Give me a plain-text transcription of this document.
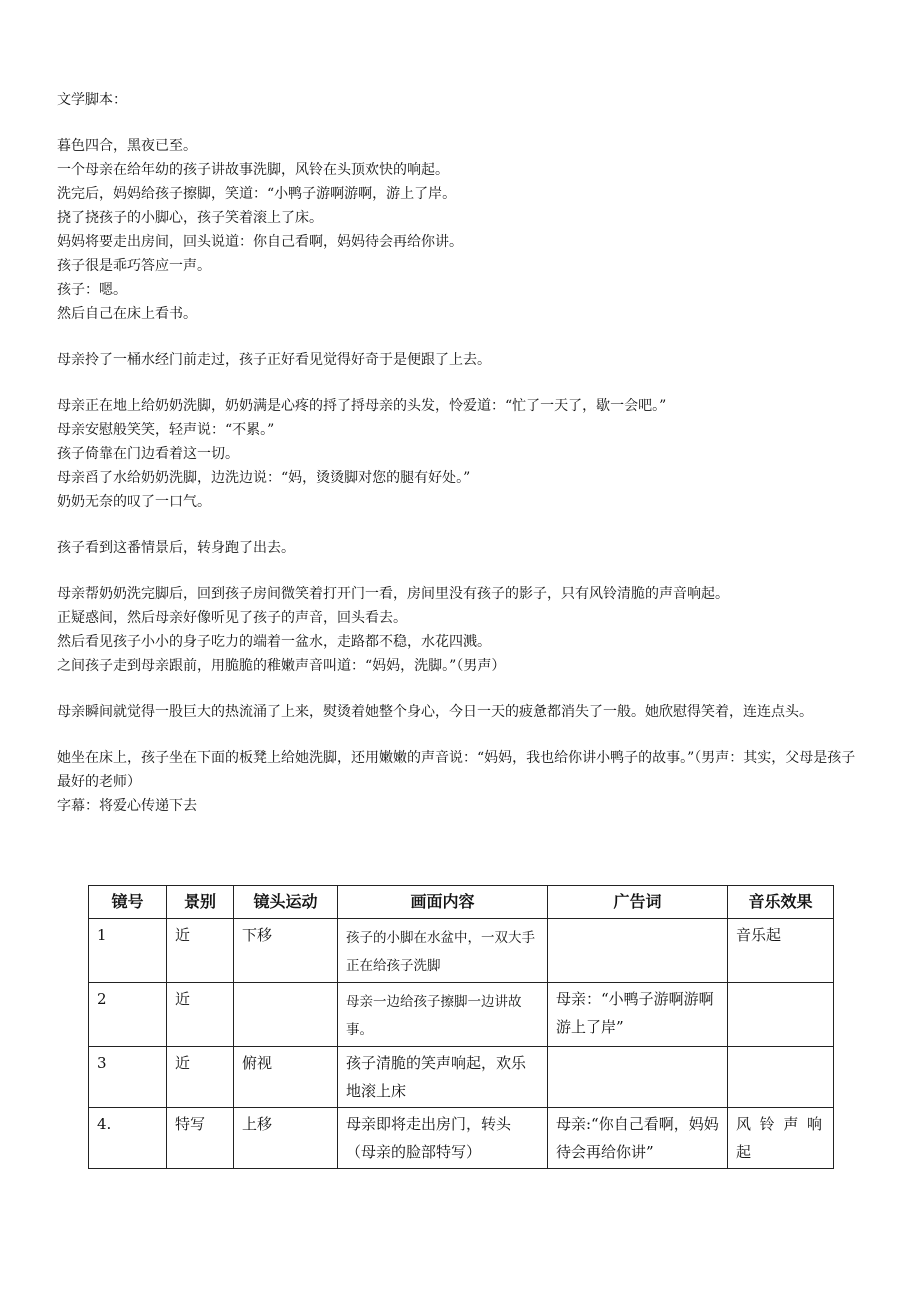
文学脚本：

暮色四合，黑夜已至。

一个母亲在给年幼的孩子讲故事洗脚，风铃在头顶欢快的响起。

洗完后，妈妈给孩子擦脚，笑道：“小鸭子游啊游啊，游上了岸。

挠了挠孩子的小脚心，孩子笑着滚上了床。

妈妈将要走出房间，回头说道：你自己看啊，妈妈待会再给你讲。

孩子很是乖巧答应一声。

孩子：嗯。

然后自己在床上看书。

母亲拎了一桶水经门前走过，孩子正好看见觉得好奇于是便跟了上去。

母亲正在地上给奶奶洗脚，奶奶满是心疼的捋了捋母亲的头发，怜爱道：“忙了一天了，歇一会吧。”

母亲安慰般笑笑，轻声说：“不累。”

孩子倚靠在门边看着这一切。

母亲舀了水给奶奶洗脚，边洗边说：“妈，烫烫脚对您的腿有好处。”

奶奶无奈的叹了一口气。

孩子看到这番情景后，转身跑了出去。

母亲帮奶奶洗完脚后，回到孩子房间微笑着打开门一看，房间里没有孩子的影子，只有风铃清脆的声音响起。

正疑惑间，然后母亲好像听见了孩子的声音，回头看去。

然后看见孩子小小的身子吃力的端着一盆水，走路都不稳，水花四溅。

之间孩子走到母亲跟前，用脆脆的稚嫩声音叫道：“妈妈，洗脚。”（男声）

母亲瞬间就觉得一股巨大的热流涌了上来，熨烫着她整个身心，今日一天的疲惫都消失了一般。她欣慰得笑着，连连点头。

她坐在床上，孩子坐在下面的板凳上给她洗脚，还用嫩嫩的声音说：“妈妈，我也给你讲小鸭子的故事。”（男声：其实，父母是孩子最好的老师）

字幕：将爱心传递下去

镜号	景别	镜头运动	画面内容	广告词	音乐效果
1	近	下移	孩子的小脚在水盆中，一双大手正在给孩子洗脚		音乐起
2	近		母亲一边给孩子擦脚一边讲故事。	母亲：“小鸭子游啊游啊游上了岸”	
3	近	俯视	孩子清脆的笑声响起，欢乐地滚上床		
4.	特写	上移	母亲即将走出房门，转头（母亲的脸部特写）	母亲:“你自己看啊，妈妈待会再给你讲”	风铃声响起
